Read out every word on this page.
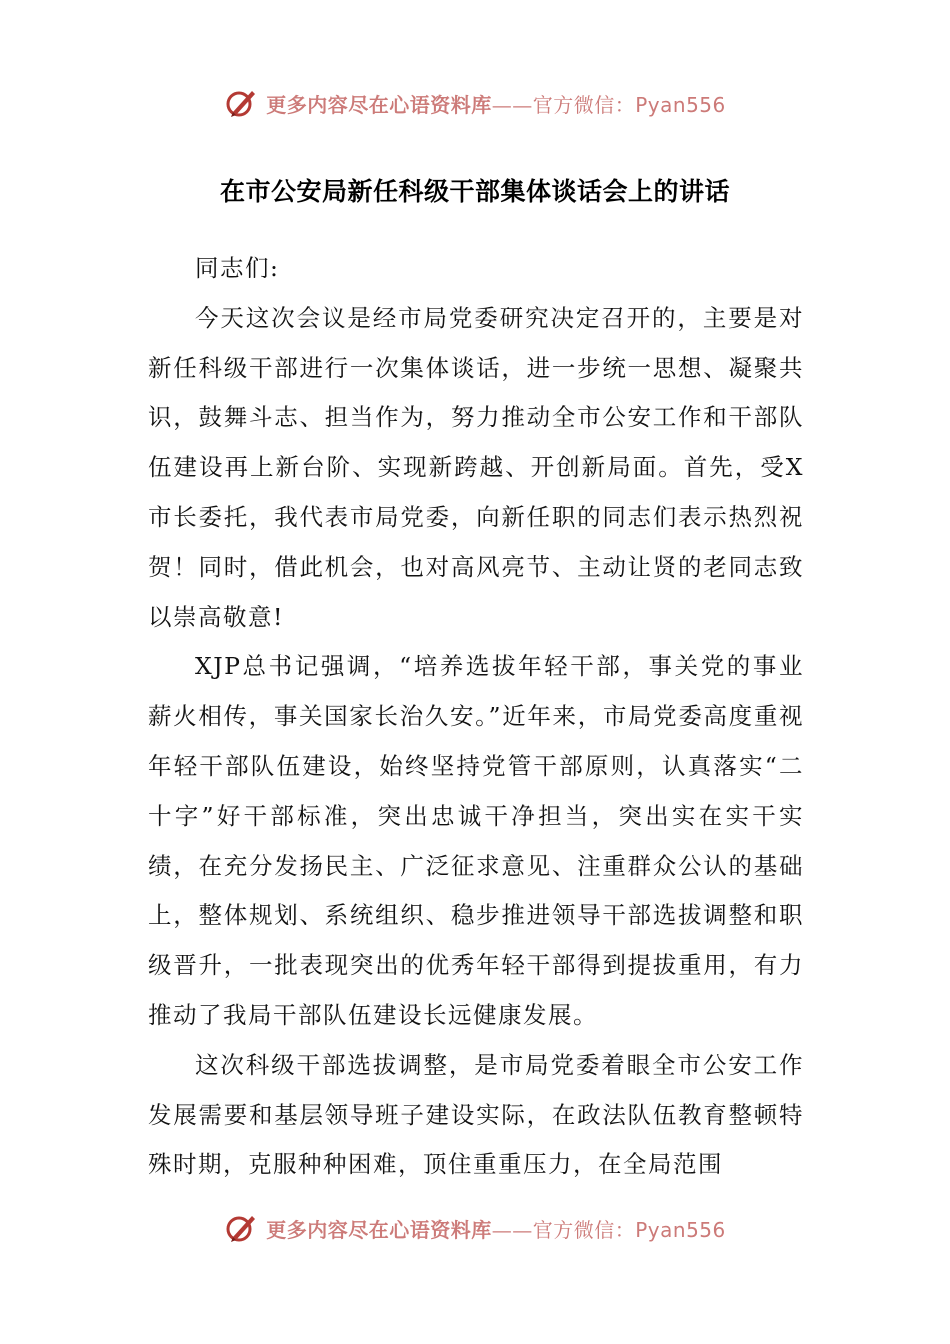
更多内容尽在心语资料库——官方微信：Pyan556
在市公安局新任科级干部集体谈话会上的讲话

同志们:

今天这次会议是经市局党委研究决定召开的，主要是对新任科级干部进行一次集体谈话，进一步统一思想、凝聚共识，鼓舞斗志、担当作为，努力推动全市公安工作和干部队伍建设再上新台阶、实现新跨越、开创新局面。首先，受X市长委托，我代表市局党委，向新任职的同志们表示热烈祝贺！同时，借此机会，也对高风亮节、主动让贤的老同志致以崇高敬意!

XJP总书记强调，“培养选拔年轻干部，事关党的事业薪火相传，事关国家长治久安。”近年来，市局党委高度重视年轻干部队伍建设，始终坚持党管干部原则，认真落实“二十字”好干部标准，突出忠诚干净担当，突出实在实干实绩，在充分发扬民主、广泛征求意见、注重群众公认的基础上，整体规划、系统组织、稳步推进领导干部选拔调整和职级晋升，一批表现突出的优秀年轻干部得到提拔重用，有力推动了我局干部队伍建设长远健康发展。

这次科级干部选拔调整，是市局党委着眼全市公安工作发展需要和基层领导班子建设实际，在政法队伍教育整顿特殊时期，克服种种困难，顶住重重压力，在全局范围

更多内容尽在心语资料库——官方微信：Pyan556
